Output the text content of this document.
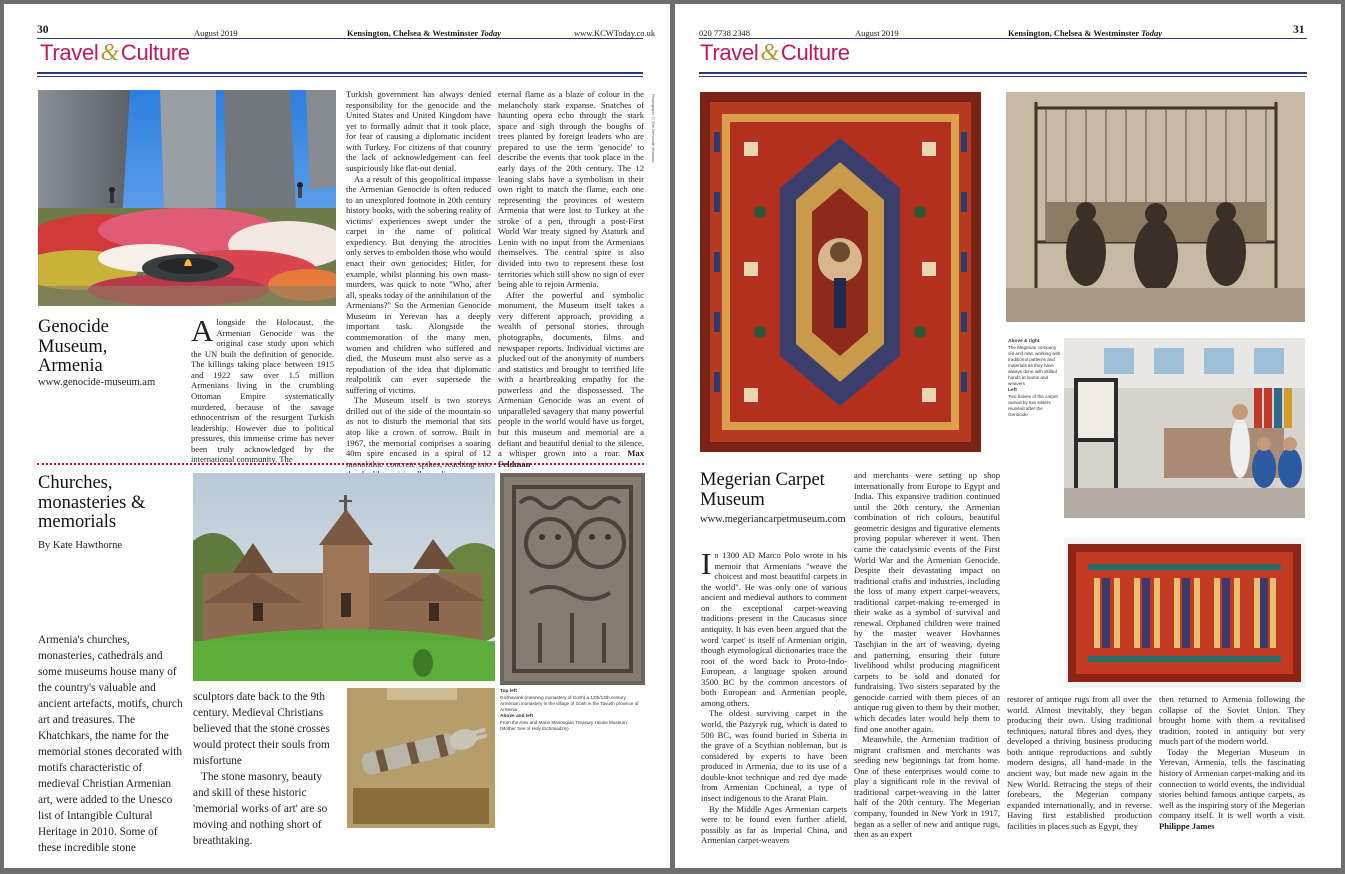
30	August 2019	Kensington, Chelsea & Westminster Today	www.KCWToday.co.uk
Travel&Culture
Photograph: © The Genocide Museum
Genocide
Museum,
Armenia
www.genocide-museum.am

Alongside the Holocaust, the Armenian Genocide was the original case study upon which the UN built the definition of genocide. The killings taking place between 1915 and 1922 saw over 1.5 million Armenians living in the crumbling Ottoman Empire systematically murdered, because of the savage ethnocentrism of the resurgent Turkish leadership. However due to political pressures, this immense crime has never been truly acknowledged by the international community. The

Turkish government has always denied responsibility for the genocide and the United States and United Kingdom have yet to formally admit that it took place, for fear of causing a diplomatic incident with Turkey. For citizens of that country the lack of acknowledgement can feel suspiciously like flat-out denial.

As a result of this geopolitical impasse the Armenian Genocide is often reduced to an unexplored footnote in 20th century history books, with the sobering reality of victims' experiences swept under the carpet in the name of political expediency. But denying the atrocities only serves to embolden those who would enact their own genocides; Hitler, for example, whilst planning his own mass-murders, was quick to note "Who, after all, speaks today of the annihilation of the Armenians?" So the Armenian Genocide Museum in Yerevan has a deeply important task. Alongside the commemoration of the many men, women and children who suffered and died, the Museum must also serve as a repudiation of the idea that diplomatic realpolitik can ever supersede the suffering of victims.

The Museum itself is two storeys drilled out of the side of the mountain so as not to disturb the memorial that sits atop like a crown of sorrow. Built in 1967, the memorial comprises a soaring 40m spire encased in a spiral of 12 monolithic concrete spikes, reaching into

eternal flame as a blaze of colour in the melancholy stark expanse. Snatches of haunting opera echo through the stark space and sigh through the boughs of trees planted by foreign leaders who are prepared to use the term 'genocide' to describe the events that took place in the early days of the 20th century. The 12 leaning slabs have a symbolism in their own right to match the flame, each one representing the provinces of western Armenia that were lost to Turkey at the stroke of a pen, through a post-First World War treaty signed by Ataturk and Lenin with no input from the Armenians themselves. The central spire is also divided into two to represent these lost territories which still show no sign of ever being able to rejoin Armenia.

After the powerful and symbolic monument, the Museum itself takes a very different approach, providing a wealth of personal stories, through photographs, documents, films and newspaper reports. Individual victims are plucked out of the anonymity of numbers and statistics and brought to terrified life with a heartbreaking empathy for the powerless and the dispossessed. The Armenian Genocide was an event of unparalleled savagery that many powerful people in the world would have us forget, but this museum and memorial are a defiant and beautiful denial to the silence, a whisper grown into a roar. Max Feldman

Churches,
monasteries &
memorials
By Kate Hawthorne
Top left
Goshavank (meaning monastery of Gosh) a 12th/13th century Armenian monastery in the village of Gosh in the Tavush province of Armenia
Above and left
From the Alex and Marie Manoogian Treasury House Museum (Mother See of Holy Etchmiadzin)

Armenia's churches, monasteries, cathedrals and some museums house many of the country's valuable and ancient artefacts, motifs, church art and treasures. The Khatchkars, the name for the memorial stones decorated with motifs characteristic of medieval Christian Armenian art, were added to the Unesco list of Intangible Cultural Heritage in 2010. Some of these incredible stone

sculptors date back to the 9th century. Medieval Christians believed that the stone crosses would protect their souls from misfortune

The stone masonry, beauty and skill of these historic 'memorial works of art' are so moving and nothing short of breathtaking.

020 7738 2348	August 2019	Kensington, Chelsea & Westminster Today	31
Travel&Culture
Above & right
The Megerian company old and new, working with traditional patterns and materials as they have always done with skilled hands at looms and weavers
Left
Two halves of the carpet owned by two sisters reunited after the Genocide
Megerian Carpet
Museum
www.megeriancarpetmuseum.com

In 1300 AD Marco Polo wrote in his memoir that Armenians "weave the choicest and most beautiful carpets in the world". He was only one of various ancient and medieval authors to comment on the exceptional carpet-weaving traditions present in the Caucasus since antiquity. It has even been argued that the word 'carpet' is itself of Armenian origin, though etymological dictionaries trace the root of the word back to Proto-Indo-European, a language spoken around 3500 BC by the common ancestors of both European and Armenian people, among others.

The oldest surviving carpet in the world, the Pazyryk rug, which is dated to 500 BC, was found buried in Siberia in the grave of a Scythian nobleman, but is considered by experts to have been produced in Armenia, due to its use of a double-knot technique and red dye made from Armenian Cochineal, a type of insect indigenous to the Ararat Plain.

By the Middle Ages Armenian carpets were to be found even further afield, possibly as far as Imperial China, and Armenian carpet-weavers

and merchants were setting up shop internationally from Europe to Egypt and India. This expansive tradition continued until the 20th century, the Armenian combination of rich colours, beautiful geometric designs and figurative elements proving popular wherever it went. Then came the cataclysmic events of the First World War and the Armenian Genocide. Despite their devastating impact on traditional crafts and industries, including the loss of many expert carpet-weavers, traditional carpet-making re-emerged in their wake as a symbol of survival and renewal. Orphaned children were trained by the master weaver Hovhannes Taschjian in the art of weaving, dyeing and patterning, ensuring their future livelihood whilst producing magnificent carpets to be sold and donated for fundraising. Two sisters separated by the genocide carried with them pieces of an antique rug given to them by their mother, which decades later would help them to find one another again.

Meanwhile, the Armenian tradition of migrant craftsmen and merchants was seeding new beginnings far from home. One of these enterprises would come to play a significant role in the revival of traditional carpet-weaving in the latter half of the 20th century. The Megerian company, founded in New York in 1917, began as a seller of new and antique rugs, then as an expert

restorer of antique rugs from all over the world. Almost inevitably, they began producing their own. Using traditional techniques, natural fibres and dyes, they developed a thriving business producing both antique reproductions and subtly modern designs, all hand-made in the ancient way, but made new again in the New World. Retracing the steps of their forebears, the Megerian company expanded internationally, and in reverse. Having first established production facilities in places such as Egypt, they

then returned to Armenia following the collapse of the Soviet Union. They brought home with them a revitalised tradition, rooted in antiquity but very much part of the modern world.

Today the Megerian Museum in Yerevan, Armenia, tells the fascinating history of Armenian carpet-making and its connection to world events, the individual stories behind famous antique carpets, as well as the inspiring story of the Megerian company itself. It is well worth a visit. Philippe James
